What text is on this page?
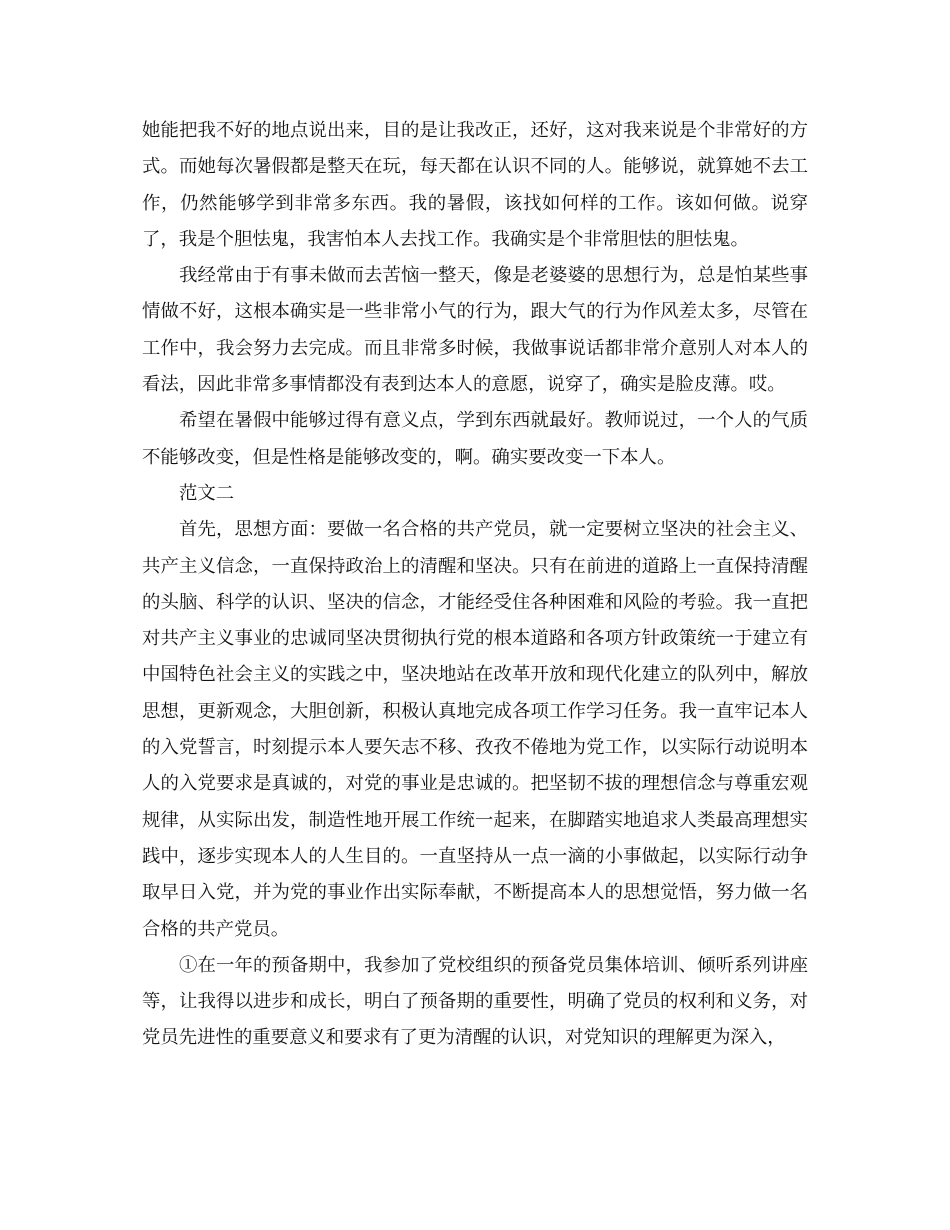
她能把我不好的地点说出来，目的是让我改正，还好，这对我来说是个非常好的方式。而她每次暑假都是整天在玩，每天都在认识不同的人。能够说，就算她不去工作，仍然能够学到非常多东西。我的暑假，该找如何样的工作。该如何做。说穿了，我是个胆怯鬼，我害怕本人去找工作。我确实是个非常胆怯的胆怯鬼。

我经常由于有事未做而去苦恼一整天，像是老婆婆的思想行为，总是怕某些事情做不好，这根本确实是一些非常小气的行为，跟大气的行为作风差太多，尽管在工作中，我会努力去完成。而且非常多时候，我做事说话都非常介意别人对本人的看法，因此非常多事情都没有表到达本人的意愿，说穿了，确实是脸皮薄。哎。

希望在暑假中能够过得有意义点，学到东西就最好。教师说过，一个人的气质不能够改变，但是性格是能够改变的，啊。确实要改变一下本人。

范文二

首先，思想方面：要做一名合格的共产党员，就一定要树立坚决的社会主义、共产主义信念，一直保持政治上的清醒和坚决。只有在前进的道路上一直保持清醒的头脑、科学的认识、坚决的信念，才能经受住各种困难和风险的考验。我一直把对共产主义事业的忠诚同坚决贯彻执行党的根本道路和各项方针政策统一于建立有中国特色社会主义的实践之中，坚决地站在改革开放和现代化建立的队列中，解放思想，更新观念，大胆创新，积极认真地完成各项工作学习任务。我一直牢记本人的入党誓言，时刻提示本人要矢志不移、孜孜不倦地为党工作，以实际行动说明本人的入党要求是真诚的，对党的事业是忠诚的。把坚韧不拔的理想信念与尊重宏观规律，从实际出发，制造性地开展工作统一起来，在脚踏实地追求人类最高理想实践中，逐步实现本人的人生目的。一直坚持从一点一滴的小事做起，以实际行动争取早日入党，并为党的事业作出实际奉献，不断提高本人的思想觉悟，努力做一名合格的共产党员。

①在一年的预备期中，我参加了党校组织的预备党员集体培训、倾听系列讲座等，让我得以进步和成长，明白了预备期的重要性，明确了党员的权利和义务，对党员先进性的重要意义和要求有了更为清醒的认识，对党知识的理解更为深入，
